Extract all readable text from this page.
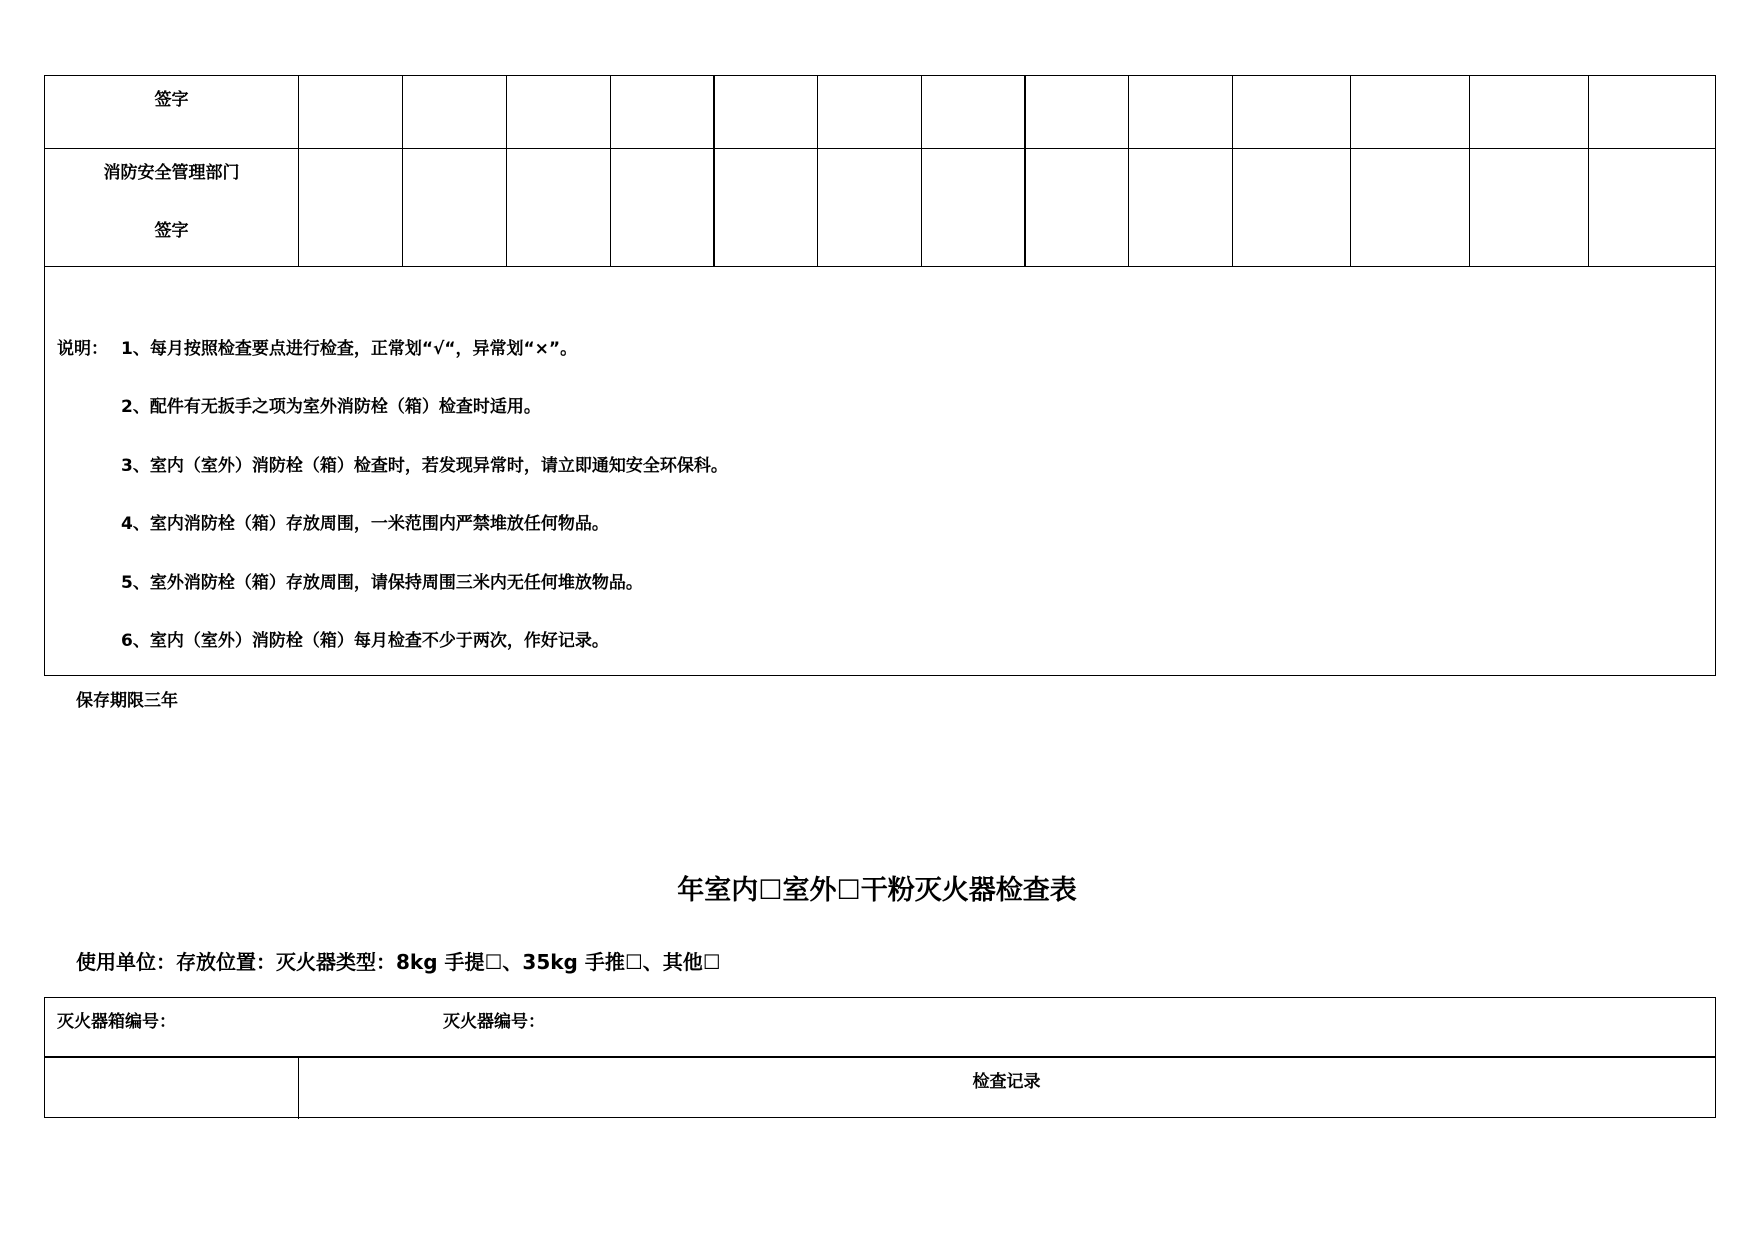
签字
消防安全管理部门
签字
说明： 1、每月按照检查要点进行检查，正常划“√“，异常划“×”。
2、配件有无扳手之项为室外消防栓（箱）检查时适用。
3、室内（室外）消防栓（箱）检查时，若发现异常时，请立即通知安全环保科。
4、室内消防栓（箱）存放周围，一米范围内严禁堆放任何物品。
5、室外消防栓（箱）存放周围，请保持周围三米内无任何堆放物品。
6、室内（室外）消防栓（箱）每月检查不少于两次，作好记录。
保存期限三年
年室内☐室外☐干粉灭火器检查表
使用单位：存放位置：灭火器类型：8kg 手提☐、35kg 手推☐、其他☐
灭火器箱编号：	灭火器编号：
检查记录
